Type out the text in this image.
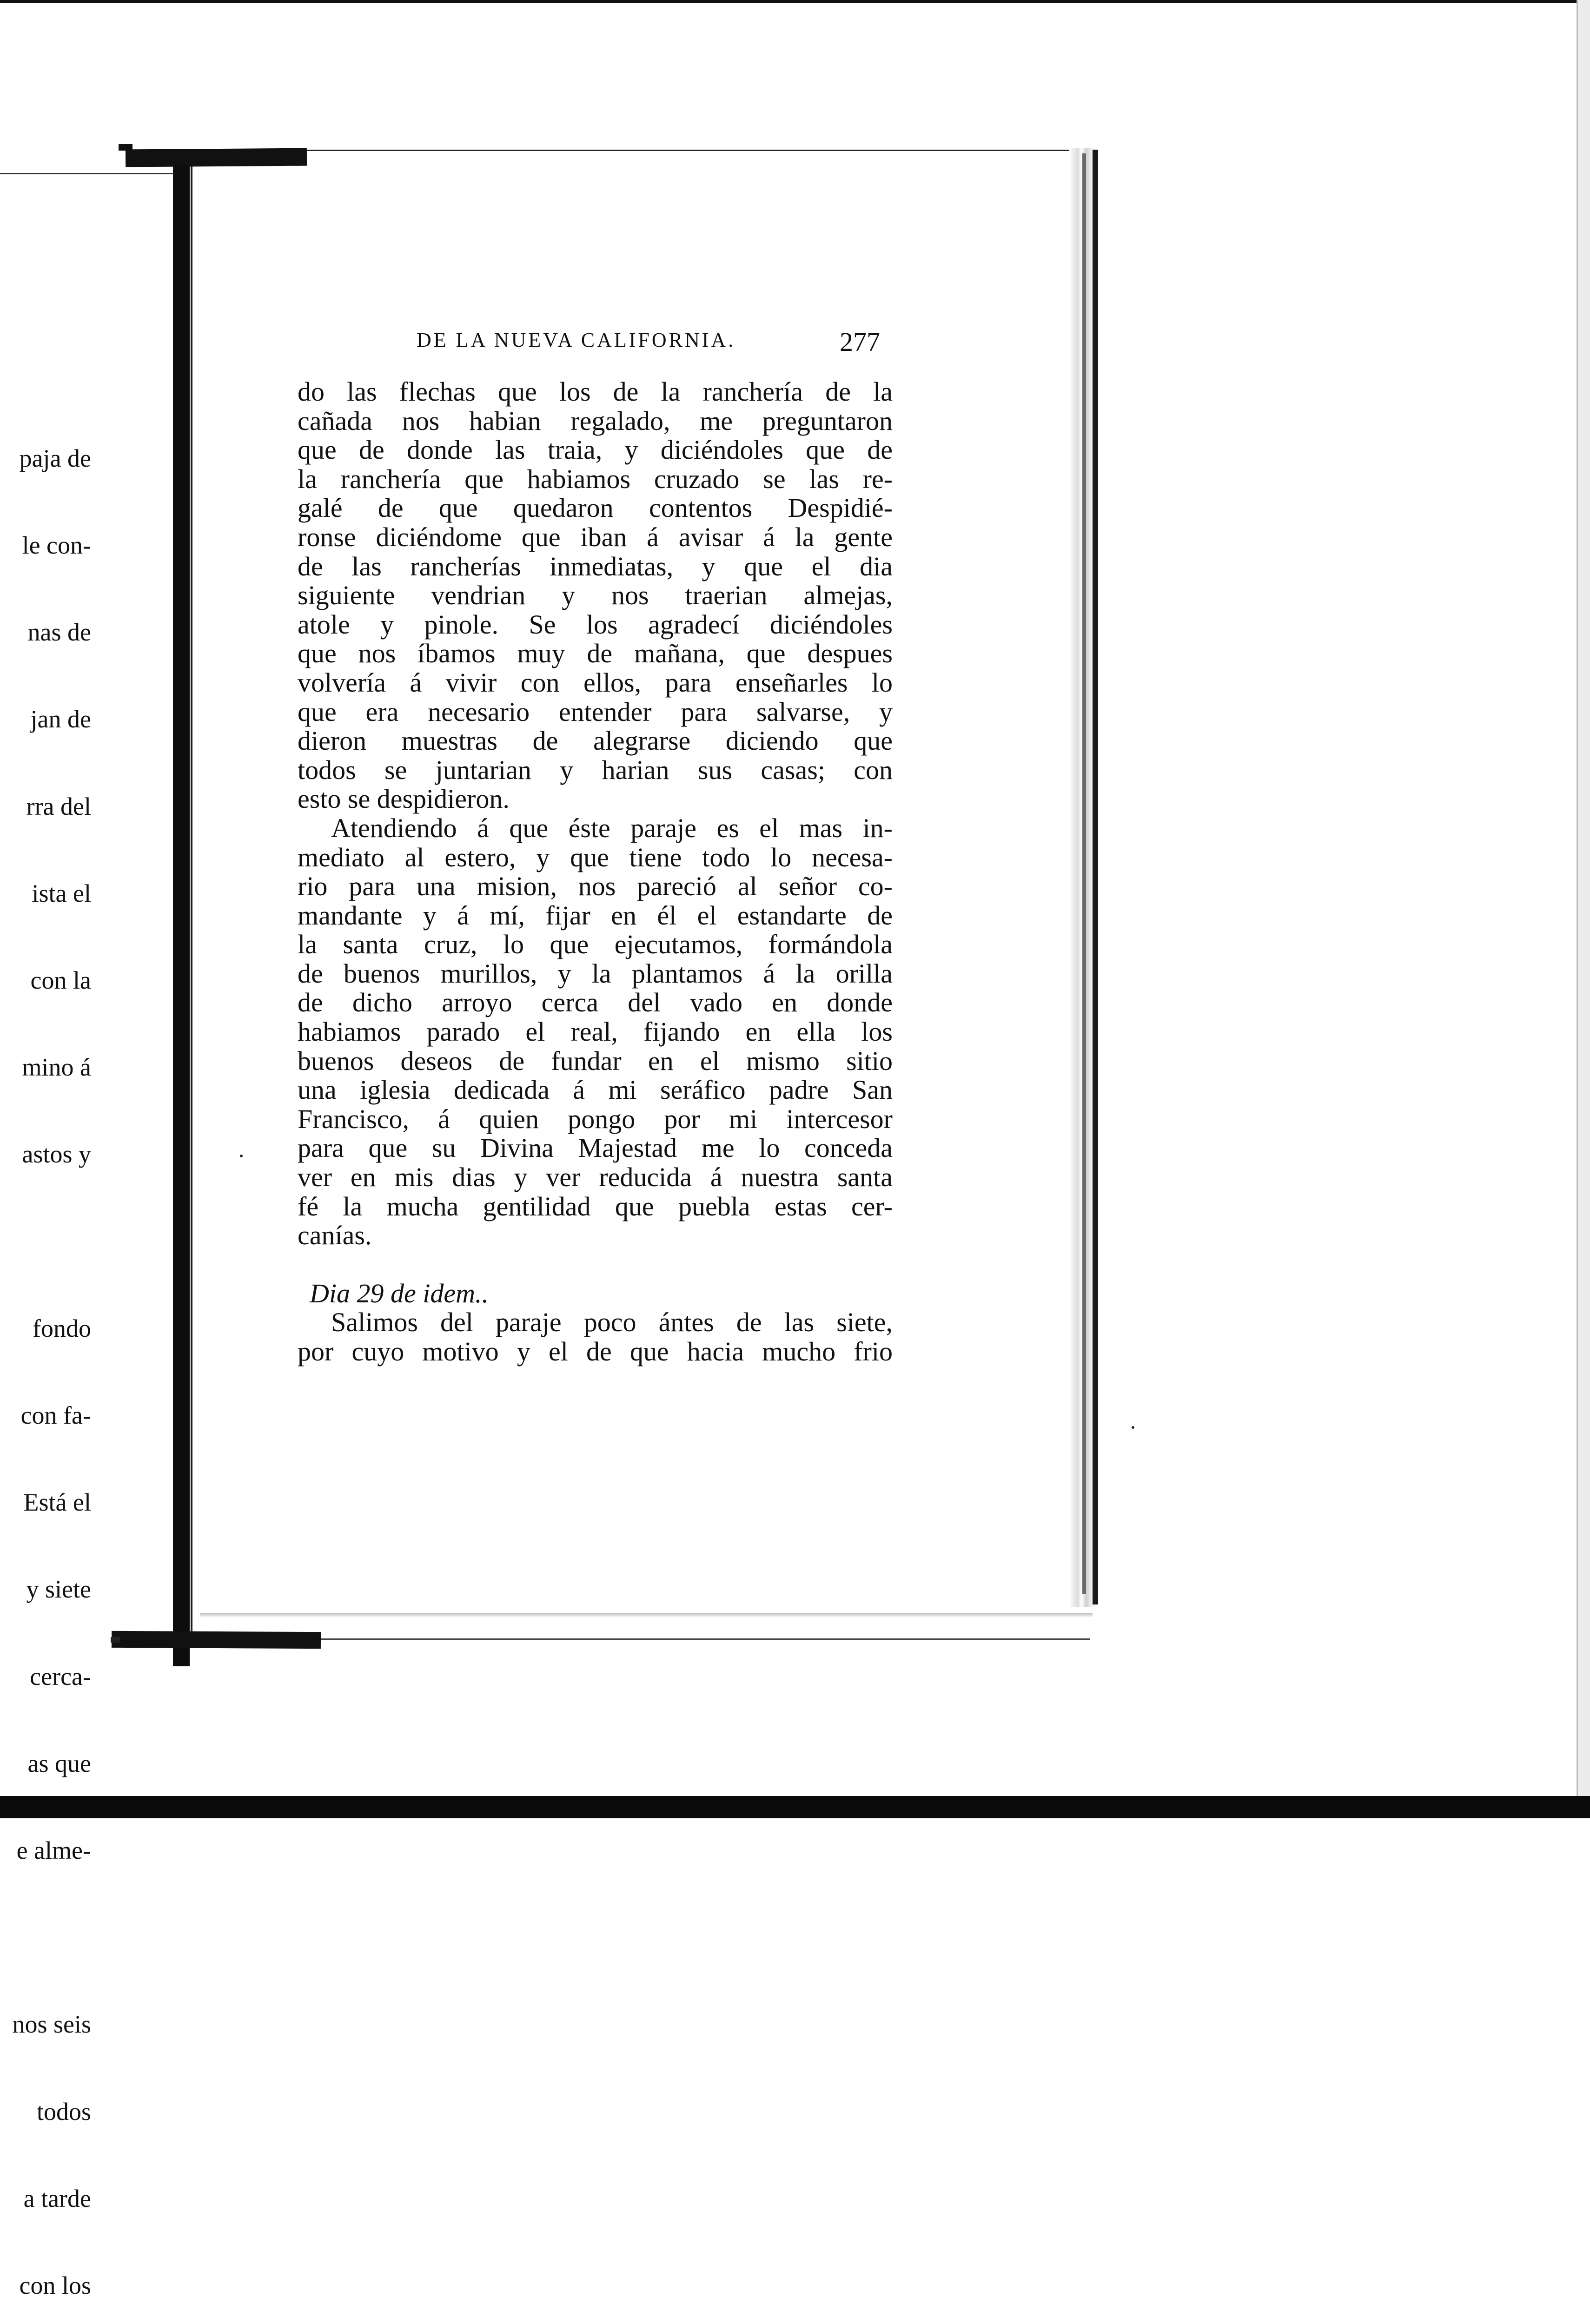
paja de

le con-

nas de

jan de

rra del

ista el

con la

mino á

astos y

fondo

con fa-

Está el

y siete

cerca-

as que

e alme-

nos seis

todos

a tarde

con los

DE LA NUEVA CALIFORNIA.	277
do las flechas que los de la ranchería de la
cañada nos habian regalado, me preguntaron
que de donde las traia, y diciéndoles que de
la ranchería que habiamos cruzado se las re-
galé de que quedaron contentos Despidié-
ronse diciéndome que iban á avisar á la gente
de las rancherías inmediatas, y que el dia
siguiente vendrian y nos traerian almejas,
atole y pinole. Se los agradecí diciéndoles
que nos íbamos muy de mañana, que despues
volvería á vivir con ellos, para enseñarles lo
que era necesario entender para salvarse, y
dieron muestras de alegrarse diciendo que
todos se juntarian y harian sus casas; con
esto se despidieron.
Atendiendo á que éste paraje es el mas in-
mediato al estero, y que tiene todo lo necesa-
rio para una mision, nos pareció al señor co-
mandante y á mí, fijar en él el estandarte de
la santa cruz, lo que ejecutamos, formándola
de buenos murillos, y la plantamos á la orilla
de dicho arroyo cerca del vado en donde
habiamos parado el real, fijando en ella los
buenos deseos de fundar en el mismo sitio
una iglesia dedicada á mi seráfico padre San
Francisco, á quien pongo por mi intercesor
para que su Divina Majestad me lo conceda
ver en mis dias y ver reducida á nuestra santa
fé la mucha gentilidad que puebla estas cer-
canías.
Dia 29 de idem..
Salimos del paraje poco ántes de las siete,
por cuyo motivo y el de que hacia mucho frio
